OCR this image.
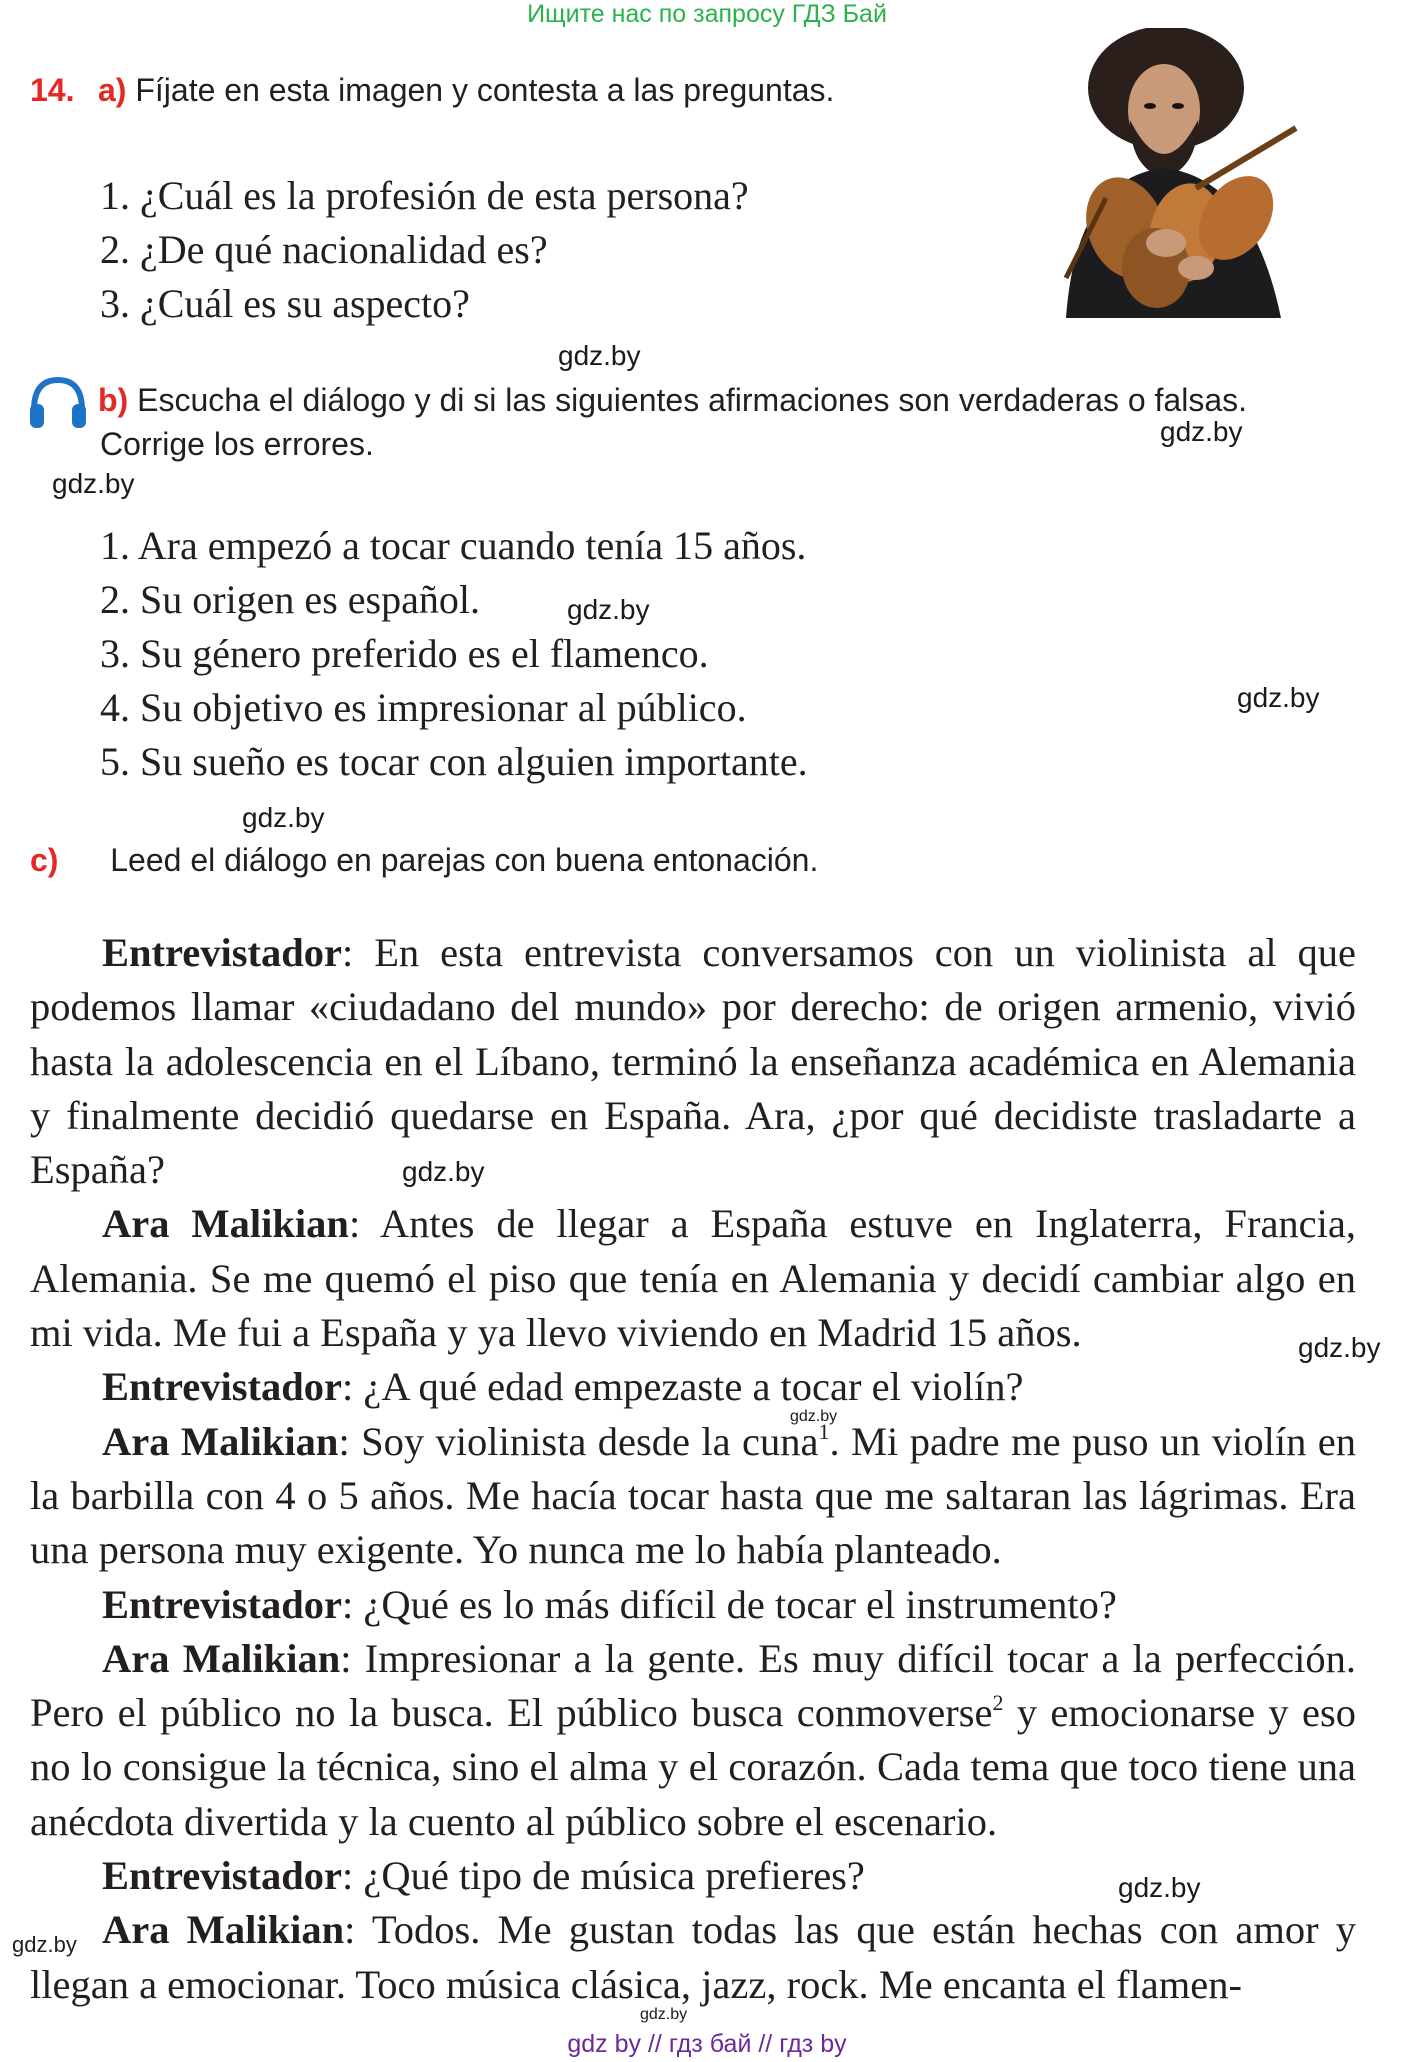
Ищите нас по запросу ГДЗ Бай
14. a) Fíjate en esta imagen y contesta a las preguntas.
1. ¿Cuál es la profesión de esta persona?
2. ¿De qué nacionalidad es?
3. ¿Cuál es su aspecto?
gdz.by
b) Escucha el diálogo y di si las siguientes afirmaciones son verdaderas o falsas.
Corrige los errores.	gdz.by
gdz.by
1. Ara empezó a tocar cuando tenía 15 años.
2. Su origen es español.	gdz.by
3. Su género preferido es el flamenco.
4. Su objetivo es impresionar al público.	gdz.by
5. Su sueño es tocar con alguien importante.
gdz.by
c) Leed el diálogo en parejas con buena entonación.

Entrevistador: En esta entrevista conversamos con un violinista al que podemos llamar «ciudadano del mundo» por derecho: de origen armenio, vivió hasta la adolescencia en el Líbano, terminó la enseñanza académica en Alemania y finalmente decidió quedarse en España. Ara, ¿por qué decidiste trasladarte a España?

Ara Malikian: Antes de llegar a España estuve en Inglaterra, Francia, Alemania. Se me quemó el piso que tenía en Alemania y decidí cambiar algo en mi vida. Me fui a España y ya llevo viviendo en Madrid 15 años.

Entrevistador: ¿A qué edad empezaste a tocar el violín?

Ara Malikian: Soy violinista desde la cuna$^1$. Mi padre me puso un violín en la barbilla con 4 o 5 años. Me hacía tocar hasta que me saltaran las lágrimas. Era una persona muy exigente. Yo nunca me lo había planteado.

Entrevistador: ¿Qué es lo más difícil de tocar el instrumento?

Ara Malikian: Impresionar a la gente. Es muy difícil tocar a la perfección. Pero el público no la busca. El público busca conmoverse$^2$ y emocionarse y eso no lo consigue la técnica, sino el alma y el corazón. Cada tema que toco tiene una anécdota divertida y la cuento al público sobre el escenario.

Entrevistador: ¿Qué tipo de música prefieres?

Ara Malikian: Todos. Me gustan todas las que están hechas con amor y llegan a emocionar. Toco música clásica, jazz, rock. Me encanta el flamen-

gdz.by
gdz.by
gdz.by
gdz.by
gdz.by
gdz.by
gdz by // гдз бай // гдз by
